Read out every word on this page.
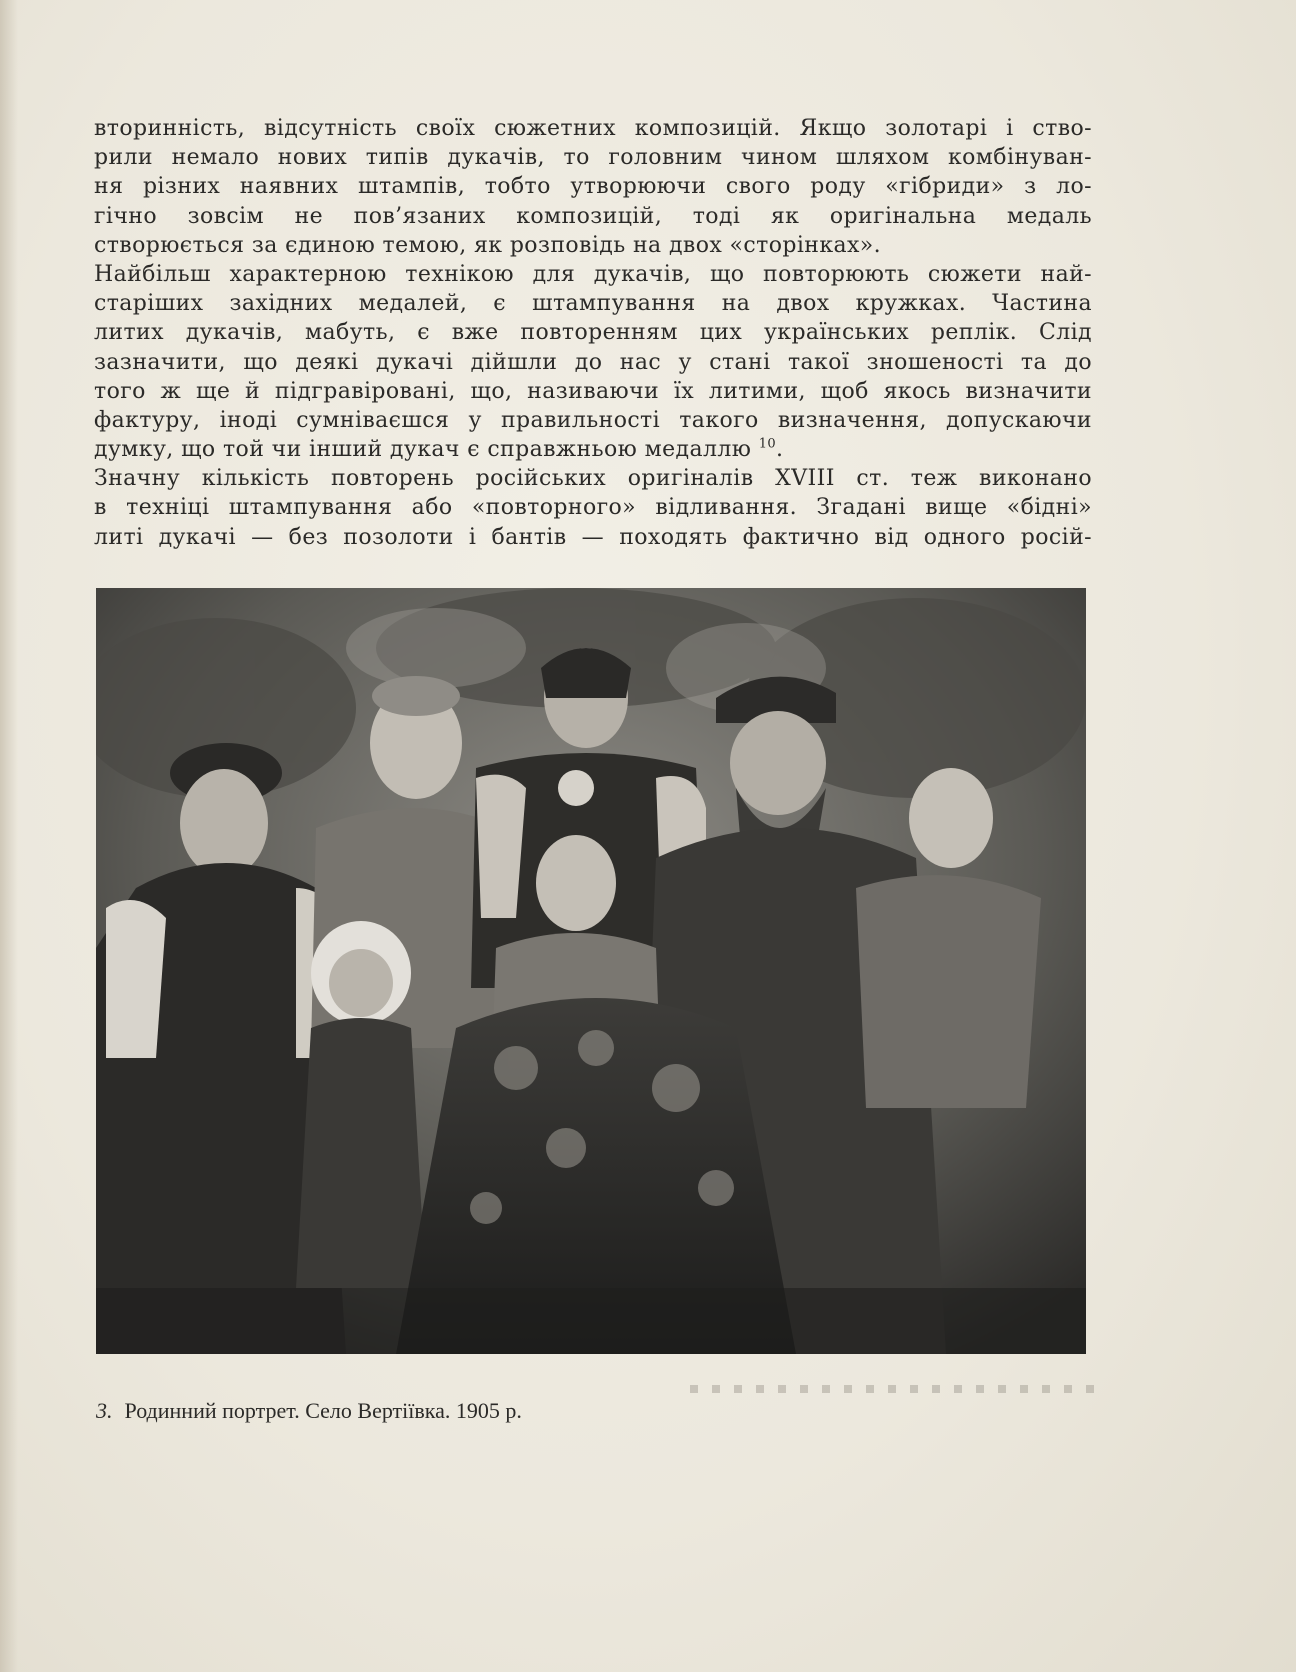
вторинність, відсутність своїх сюжетних композицій. Якщо золотарі і ство-
рили немало нових типів дукачів, то головним чином шляхом комбінуван-
ня різних наявних штампів, тобто утворюючи свого роду «гібриди» з ло-
гічно зовсім не пов’язаних композицій, тоді як оригінальна медаль
створюється за єдиною темою, як розповідь на двох «сторінках».
Найбільш характерною технікою для дукачів, що повторюють сюжети най-
старіших західних медалей, є штампування на двох кружках. Частина
литих дукачів, мабуть, є вже повторенням цих українських реплік. Слід
зазначити, що деякі дукачі дійшли до нас у стані такої зношеності та до
того ж ще й підгравіровані, що, називаючи їх литими, щоб якось визначити
фактуру, іноді сумніваєшся у правильності такого визначення, допускаючи
думку, що той чи інший дукач є справжньою медаллю $^{10}$.
Значну кількість повторень російських оригіналів XVIII ст. теж виконано
в техніці штампування або «повторного» відливання. Згадані вище «бідні»
литі дукачі — без позолоти і бантів — походять фактично від одного росій-
3. Родинний портрет. Село Вертіївка. 1905 р.
